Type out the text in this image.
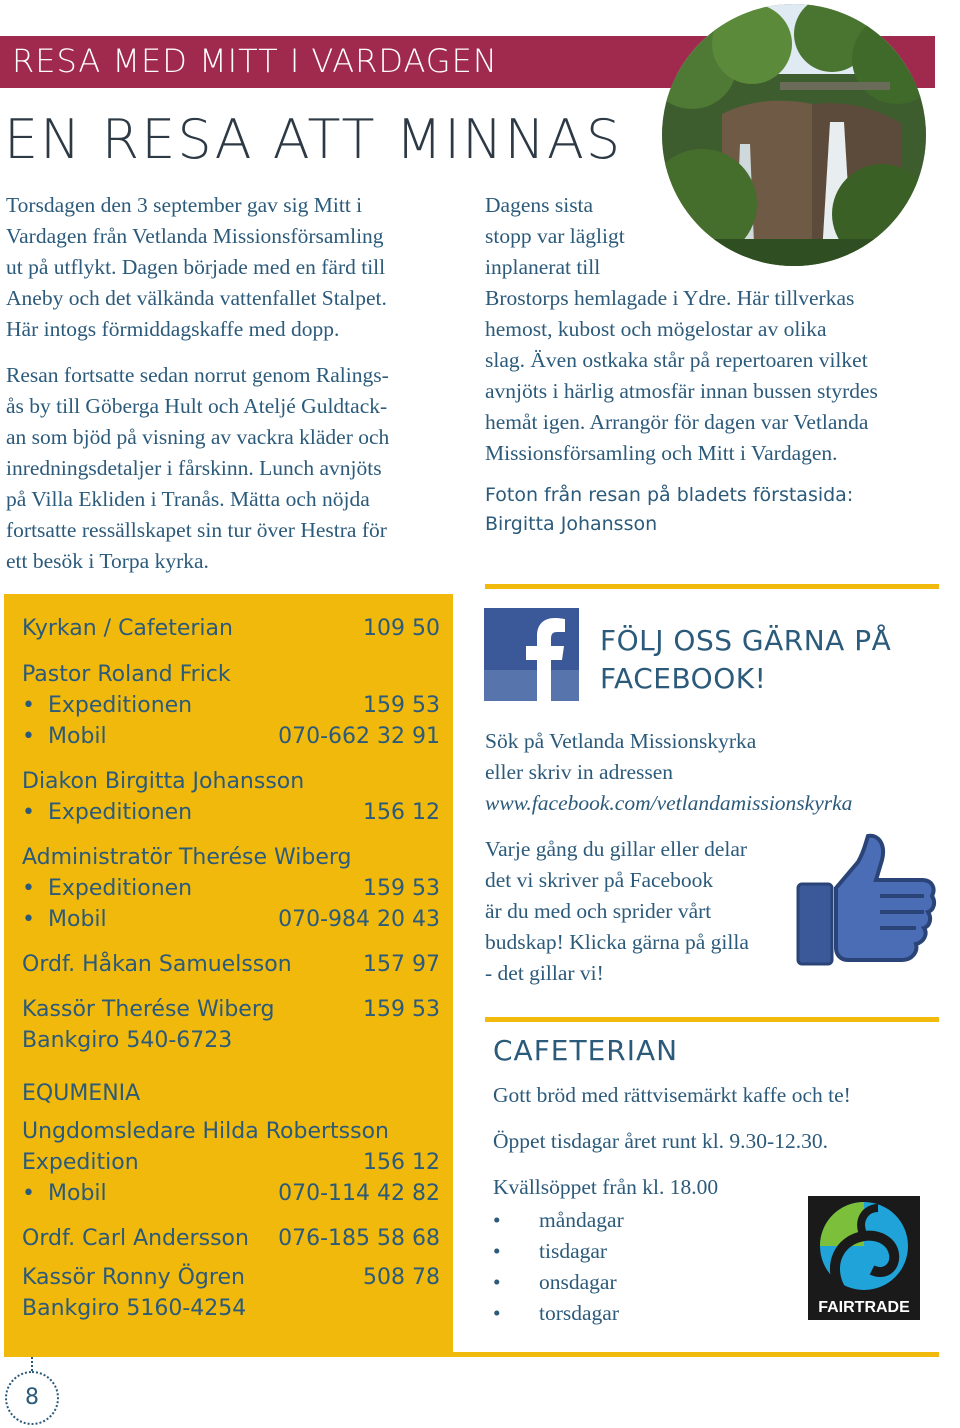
RESA MED MITT I VARDAGEN
EN RESA ATT MINNAS

Torsdagen den 3 september gav sig Mitt i
Vardagen från Vetlanda Missionsförsamling
ut på utflykt. Dagen började med en färd till
Aneby och det välkända vattenfallet Stalpet.
Här intogs förmiddagskaffe med dopp.

Resan fortsatte sedan norrut genom Ralings-
ås by till Göberga Hult och Ateljé Guldtack-
an som bjöd på visning av vackra kläder och
inredningsdetaljer i fårskinn. Lunch avnjöts
på Villa Ekliden i Tranås. Mätta och nöjda
fortsatte ressällskapet sin tur över Hestra för
ett besök i Torpa kyrka.

Dagens sista
stopp var lägligt
inplanerat till
Brostorps hemlagade i Ydre. Här tillverkas
hemost, kubost och mögelostar av olika
slag. Även ostkaka står på repertoaren vilket
avnjöts i härlig atmosfär innan bussen styrdes
hemåt igen. Arrangör för dagen var Vetlanda
Missionsförsamling och Mitt i Vardagen.

Foton från resan på bladets förstasida:
Birgitta Johansson
Kyrkan / Cafeterian	109 50
Pastor Roland Frick
• Expeditionen	159 53
• Mobil	070-662 32 91
Diakon Birgitta Johansson
• Expeditionen	156 12
Administratör Therése Wiberg
• Expeditionen	159 53
• Mobil	070-984 20 43
Ordf. Håkan Samuelsson	157 97
Kassör Therése Wiberg	159 53
Bankgiro 540-6723
EQUMENIA
Ungdomsledare Hilda Robertsson
Expedition	156 12
• Mobil	070-114 42 82
Ordf. Carl Andersson 076-185 58 68
Kassör Ronny Ögren	508 78
Bankgiro 5160-4254
FÖLJ OSS GÄRNA PÅ
FACEBOOK!
Sök på Vetlanda Missionskyrka
eller skriv in adressen
www.facebook.com/vetlandamissionskyrka
Varje gång du gillar eller delar
det vi skriver på Facebook
är du med och sprider vårt
budskap! Klicka gärna på gilla
- det gillar vi!
CAFETERIAN
Gott bröd med rättvisemärkt kaffe och te!
Öppet tisdagar året runt kl. 9.30-12.30.
Kvällsöppet från kl. 18.00
• måndagar
• tisdagar
• onsdagar
• torsdagar	FAIRTRADE
8
